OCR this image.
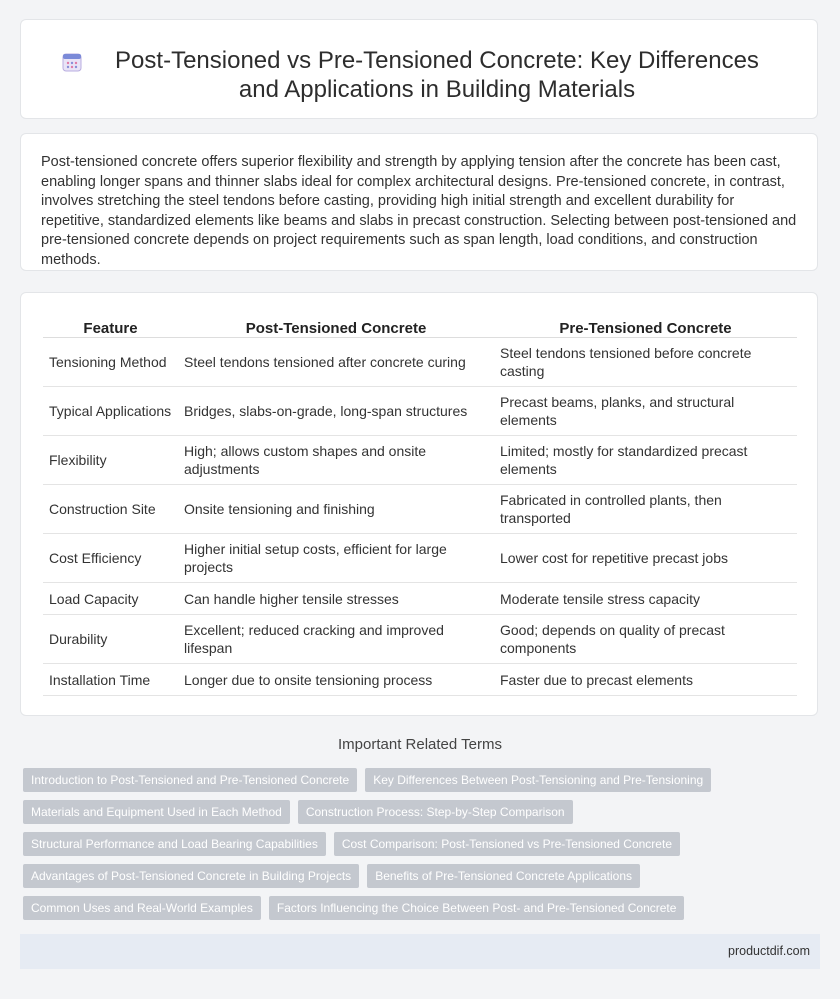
Post-Tensioned vs Pre-Tensioned Concrete: Key Differences and Applications in Building Materials

Post-tensioned concrete offers superior flexibility and strength by applying tension after the concrete has been cast, enabling longer spans and thinner slabs ideal for complex architectural designs. Pre-tensioned concrete, in contrast, involves stretching the steel tendons before casting, providing high initial strength and excellent durability for repetitive, standardized elements like beams and slabs in precast construction. Selecting between post-tensioned and pre-tensioned concrete depends on project requirements such as span length, load conditions, and construction methods.

Feature	Post-Tensioned Concrete	Pre-Tensioned Concrete
Tensioning Method	Steel tendons tensioned after concrete curing	Steel tendons tensioned before concrete casting
Typical Applications	Bridges, slabs-on-grade, long-span structures	Precast beams, planks, and structural elements
Flexibility	High; allows custom shapes and onsite adjustments	Limited; mostly for standardized precast elements
Construction Site	Onsite tensioning and finishing	Fabricated in controlled plants, then transported
Cost Efficiency	Higher initial setup costs, efficient for large projects	Lower cost for repetitive precast jobs
Load Capacity	Can handle higher tensile stresses	Moderate tensile stress capacity
Durability	Excellent; reduced cracking and improved lifespan	Good; depends on quality of precast components
Installation Time	Longer due to onsite tensioning process	Faster due to precast elements
Important Related Terms
Introduction to Post-Tensioned and Pre-Tensioned Concrete	Key Differences Between Post-Tensioning and Pre-Tensioning
Materials and Equipment Used in Each Method	Construction Process: Step-by-Step Comparison
Structural Performance and Load Bearing Capabilities	Cost Comparison: Post-Tensioned vs Pre-Tensioned Concrete
Advantages of Post-Tensioned Concrete in Building Projects	Benefits of Pre-Tensioned Concrete Applications
Common Uses and Real-World Examples	Factors Influencing the Choice Between Post- and Pre-Tensioned Concrete
productdif.com
